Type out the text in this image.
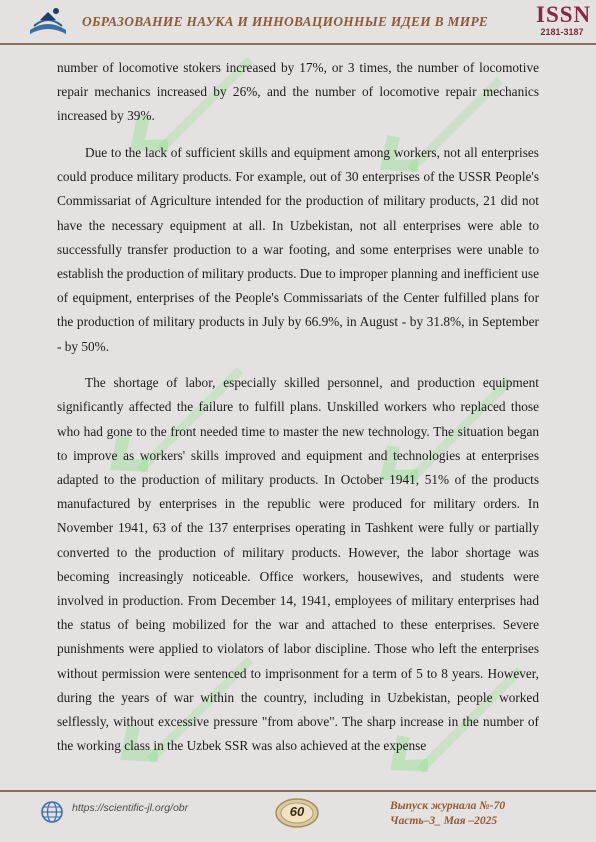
ОБРАЗОВАНИЕ НАУКА И ИННОВАЦИОННЫЕ ИДЕИ В МИРЕ ISSN
2181-3187

number of locomotive stokers increased by 17%, or 3 times, the number of locomotive repair mechanics increased by 26%, and the number of locomotive repair mechanics increased by 39%.

Due to the lack of sufficient skills and equipment among workers, not all enterprises could produce military products. For example, out of 30 enterprises of the USSR People's Commissariat of Agriculture intended for the production of military products, 21 did not have the necessary equipment at all. In Uzbekistan, not all enterprises were able to successfully transfer production to a war footing, and some enterprises were unable to establish the production of military products. Due to improper planning and inefficient use of equipment, enterprises of the People's Commissariats of the Center fulfilled plans for the production of military products in July by 66.9%, in August - by 31.8%, in September - by 50%.

The shortage of labor, especially skilled personnel, and production equipment significantly affected the failure to fulfill plans. Unskilled workers who replaced those who had gone to the front needed time to master the new technology. The situation began to improve as workers' skills improved and equipment and technologies at enterprises adapted to the production of military products. In October 1941, 51% of the products manufactured by enterprises in the republic were produced for military orders. In November 1941, 63 of the 137 enterprises operating in Tashkent were fully or partially converted to the production of military products. However, the labor shortage was becoming increasingly noticeable. Office workers, housewives, and students were involved in production. From December 14, 1941, employees of military enterprises had the status of being mobilized for the war and attached to these enterprises. Severe punishments were applied to violators of labor discipline. Those who left the enterprises without permission were sentenced to imprisonment for a term of 5 to 8 years. However, during the years of war within the country, including in Uzbekistan, people worked selflessly, without excessive pressure "from above". The sharp increase in the number of the working class in the Uzbek SSR was also achieved at the expense

https://scientific-jl.org/obr	60	Выпуск журнала №-70
Часть–3_ Мая –2025
